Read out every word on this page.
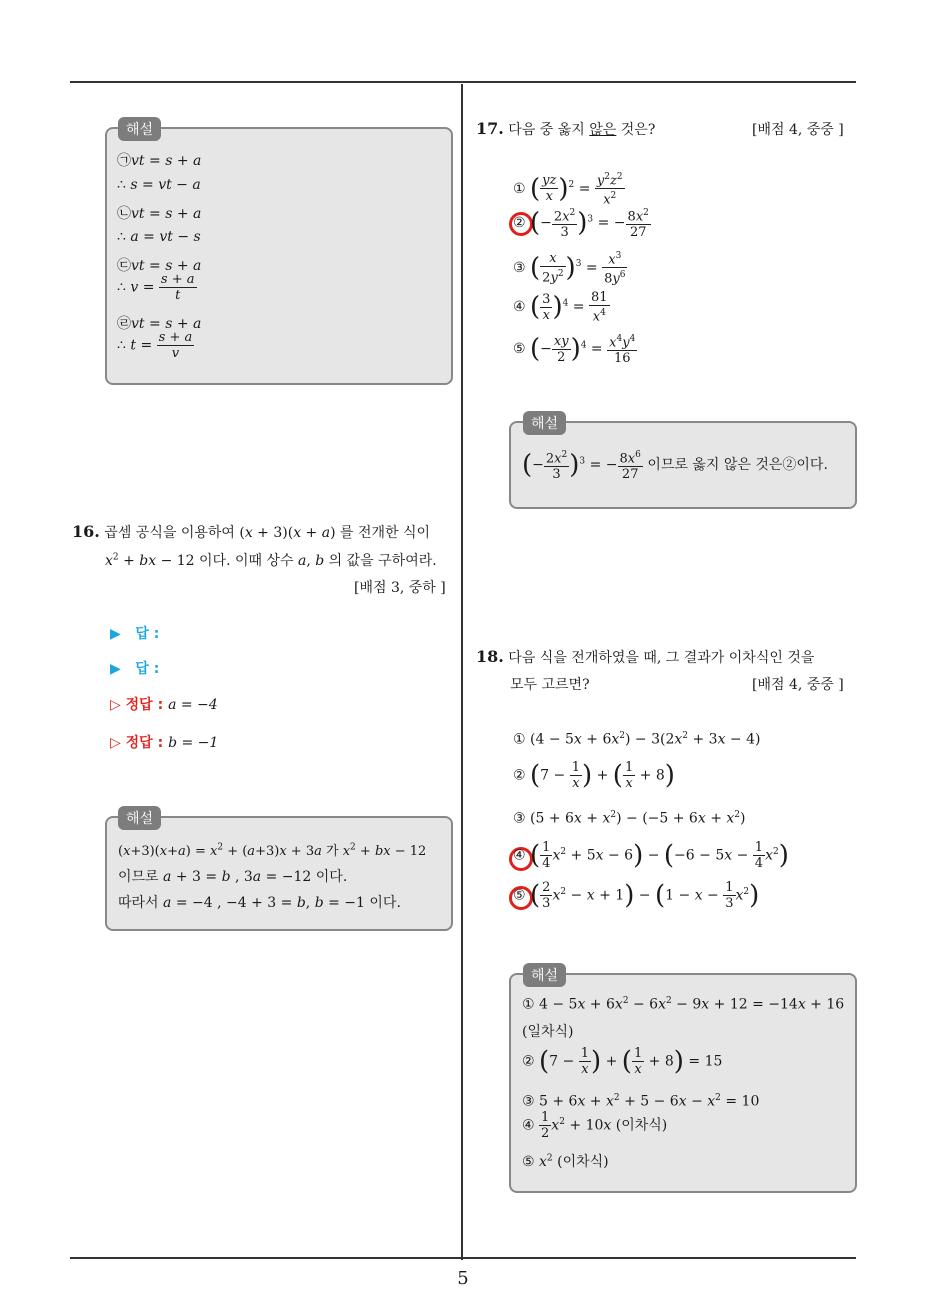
해설
㉠vt = s + a
∴ s = vt − a
㉡vt = s + a
∴ a = vt − s
㉢vt = s + a
∴ $v = \frac{s + a}{t}$
㉣vt = s + a
∴ $t = \frac{s + a}{v}$
16. 곱셈 공식을 이용하여 (x + 3)(x + a) 를 전개한 식이
$x^2$ + bx − 12 이다. 이때 상수 a, b 의 값을 구하여라.
[배점 3, 중하 ]
▶ 답 :
▶ 답 :
▷ 정답 : a = −4
▷ 정답 : b = −1
해설
$(x+3)(x+a) = x^2 + (a+3)x + 3a$ 가 $x^2$ + bx − 12
이므로 a + 3 = b , 3a = −12 이다.
따라서 a = −4 , −4 + 3 = b, b = −1 이다.
17. 다음 중 옳지 않은 것은?	[배점 4, 중중 ]
① ( $\frac{yz}{x} )^2 = \frac{y^2z^2}{x^2}$
② (− $\frac{2x^2}{3} )^3$ = − $\frac{8x^2}{27}$
③ ( $\frac{x}{2y^2} )^3 = \frac{x^3}{8y^6}$
④ ( $\frac{3}{x} )^4 = \frac{81}{x^4}$
⑤ (− $\frac{xy}{2} )^4 = \frac{x^4y^4}{16}$
해설
(− $\frac{2x^2}{3} )^3$ = − $\frac{8x^6}{27}$ 이므로 옳지 않은 것은②이다.
18. 다음 식을 전개하였을 때, 그 결과가 이차식인 것을
모두 고르면?	[배점 4, 중중 ]
① $(4 - 5x + 6x^2) - 3(2x^2 + 3x - 4)$
② ($7 - \frac{1}{x}$ ) + ( $\frac{1}{x} + 8$)
③ $(5 + 6x + x^2) - (-5 + 6x + x^2)$
④ ( $\frac{1}{4} x^2 + 5x - 6) - (-6 - 5x - \frac{1}{4} x^2)$
⑤ ( $\frac{2}{3} x^2 - x + 1) - (1 - x - \frac{1}{3} x^2)$
해설
① $4 - 5x + 6x^2 - 6x^2 - 9x + 12 = -14x + 16$
(일차식)
② ($7 - \frac{1}{x}$ ) + ( $\frac{1}{x} + 8) = 15$
③ $5 + 6x + x^2 + 5 - 6x - x^2 = 10$
④ $\frac{1}{2} x^2 + 10x$ (이차식)
⑤ $x^2$ (이차식)
5
